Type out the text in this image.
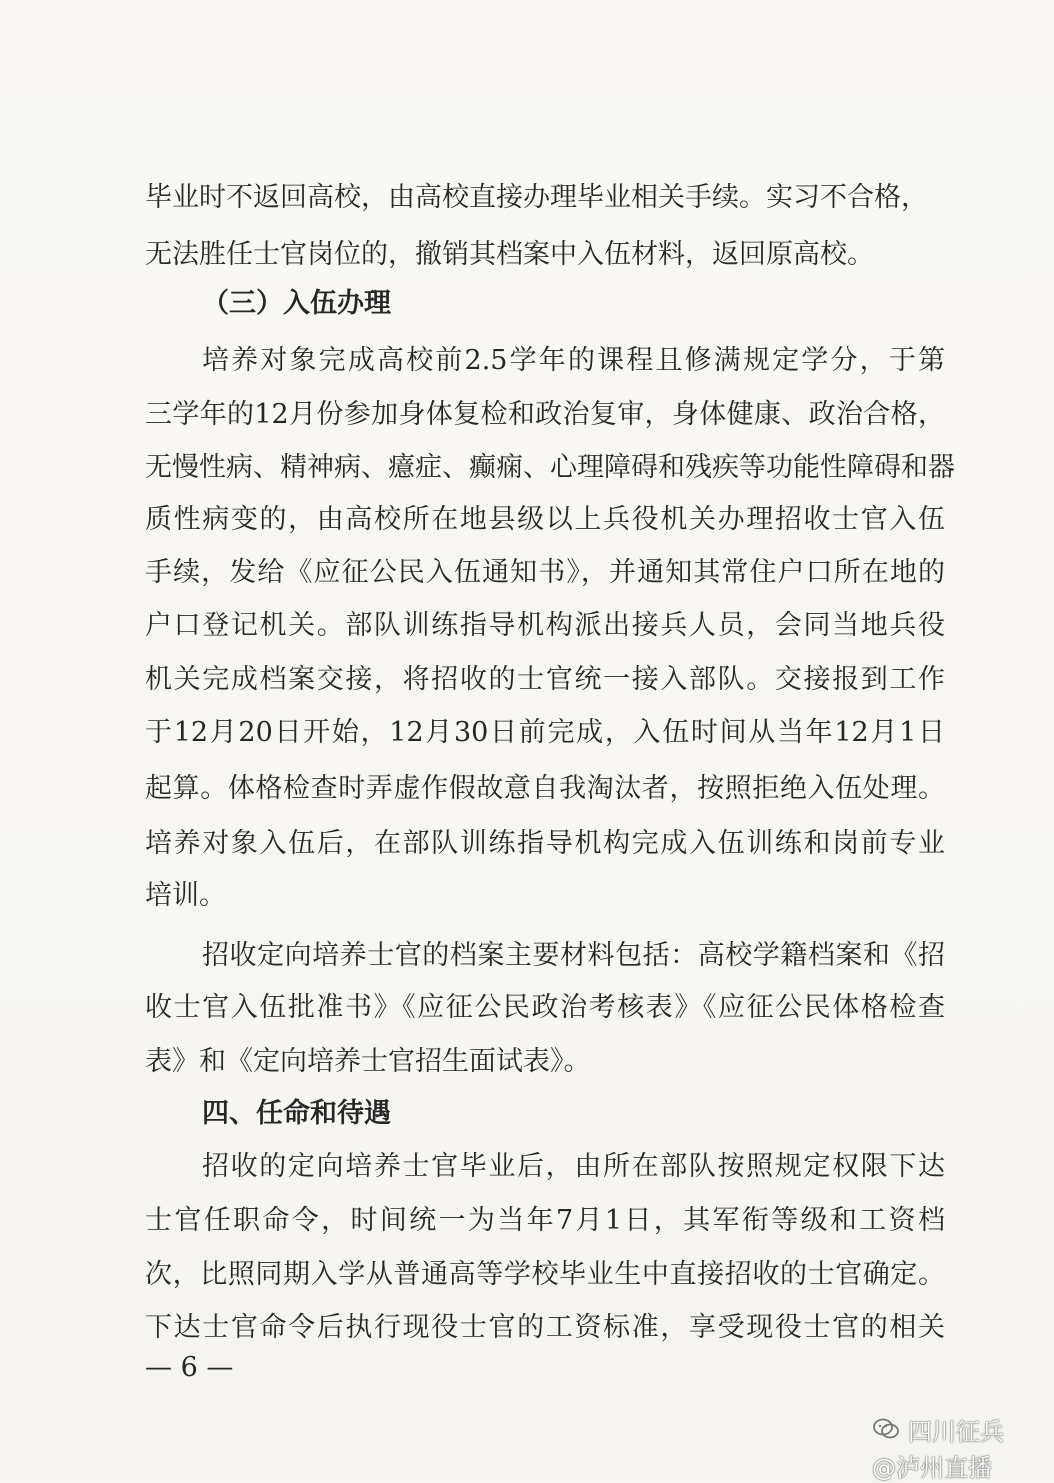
毕业时不返回高校，由高校直接办理毕业相关手续。实习不合格，
无法胜任士官岗位的，撤销其档案中入伍材料，返回原高校。
（三）入伍办理
培养对象完成高校前2.5学年的课程且修满规定学分，于第
三学年的12月份参加身体复检和政治复审，身体健康、政治合格，
无慢性病、精神病、癔症、癫痫、心理障碍和残疾等功能性障碍和器
质性病变的，由高校所在地县级以上兵役机关办理招收士官入伍
手续，发给《应征公民入伍通知书》，并通知其常住户口所在地的
户口登记机关。部队训练指导机构派出接兵人员，会同当地兵役
机关完成档案交接，将招收的士官统一接入部队。交接报到工作
于12月20日开始，12月30日前完成，入伍时间从当年12月1日
起算。体格检查时弄虚作假故意自我淘汰者，按照拒绝入伍处理。
培养对象入伍后，在部队训练指导机构完成入伍训练和岗前专业
培训。
招收定向培养士官的档案主要材料包括：高校学籍档案和《招
收士官入伍批准书》《应征公民政治考核表》《应征公民体格检查
表》和《定向培养士官招生面试表》。
四、任命和待遇
招收的定向培养士官毕业后，由所在部队按照规定权限下达
士官任职命令，时间统一为当年7月1日，其军衔等级和工资档
次，比照同期入学从普通高等学校毕业生中直接招收的士官确定。
下达士官命令后执行现役士官的工资标准，享受现役士官的相关
— 6 —
四川征兵
@泸州直播
